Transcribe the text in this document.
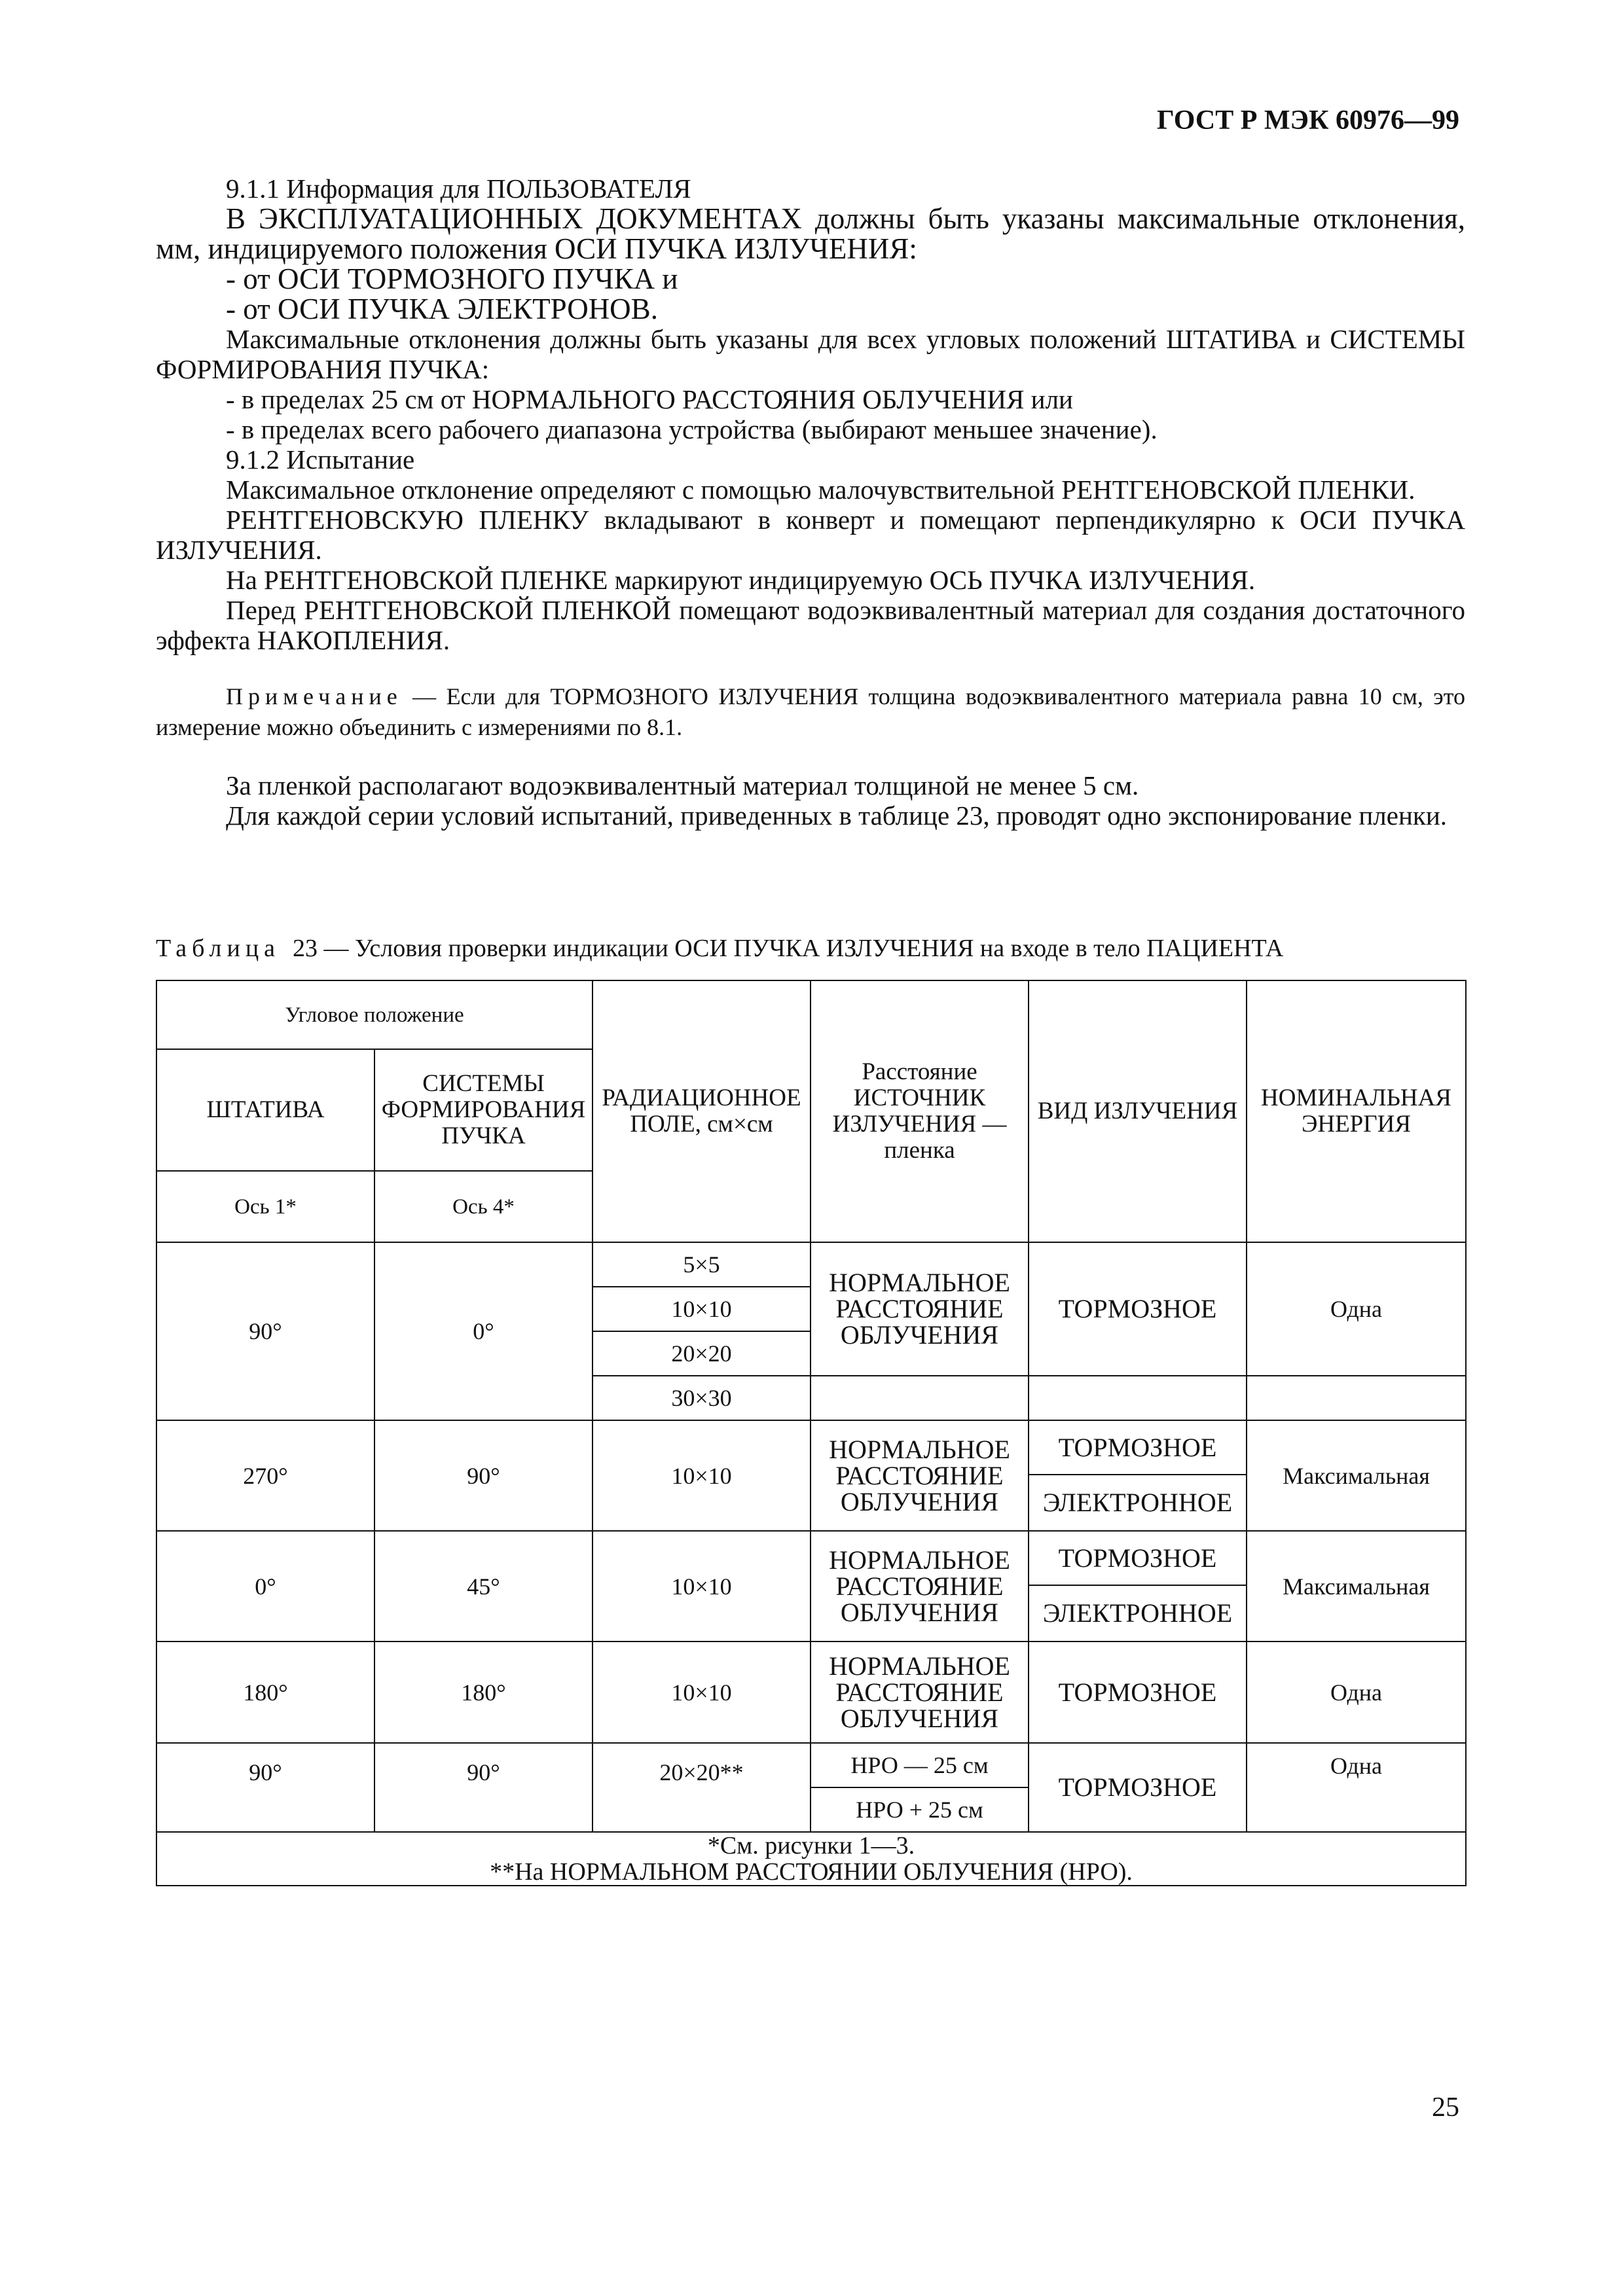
ГОСТ Р МЭК 60976—99

9.1.1 Информация для ПОЛЬЗОВАТЕЛЯ

В ЭКСПЛУАТАЦИОННЫХ ДОКУМЕНТАХ должны быть указаны максимальные отклонения, мм, индицируемого положения ОСИ ПУЧКА ИЗЛУЧЕНИЯ:

- от ОСИ ТОРМОЗНОГО ПУЧКА и

- от ОСИ ПУЧКА ЭЛЕКТРОНОВ.

Максимальные отклонения должны быть указаны для всех угловых положений ШТАТИВА и СИСТЕМЫ ФОРМИРОВАНИЯ ПУЧКА:

- в пределах 25 см от НОРМАЛЬНОГО РАССТОЯНИЯ ОБЛУЧЕНИЯ или

- в пределах всего рабочего диапазона устройства (выбирают меньшее значение).

9.1.2 Испытание

Максимальное отклонение определяют с помощью малочувствительной РЕНТГЕНОВСКОЙ ПЛЕНКИ.

РЕНТГЕНОВСКУЮ ПЛЕНКУ вкладывают в конверт и помещают перпендикулярно к ОСИ ПУЧКА ИЗЛУЧЕНИЯ.

На РЕНТГЕНОВСКОЙ ПЛЕНКЕ маркируют индицируемую ОСЬ ПУЧКА ИЗЛУЧЕНИЯ.

Перед РЕНТГЕНОВСКОЙ ПЛЕНКОЙ помещают водоэквивалентный материал для создания достаточного эффекта НАКОПЛЕНИЯ.

Примечание — Если для ТОРМОЗНОГО ИЗЛУЧЕНИЯ толщина водоэквивалентного материала равна 10 см, это измерение можно объединить с измерениями по 8.1.

За пленкой располагают водоэквивалентный материал толщиной не менее 5 см.

Для каждой серии условий испытаний, приведенных в таблице 23, проводят одно экспонирование пленки.

Таблица 23 — Условия проверки индикации ОСИ ПУЧКА ИЗЛУЧЕНИЯ на входе в тело ПАЦИЕНТА
Угловое положение		РАДИАЦИОННОЕ ПОЛЕ, см×см	Расстояние ИСТОЧНИК ИЗЛУЧЕНИЯ — пленка	ВИД ИЗЛУЧЕНИЯ	НОМИНАЛЬНАЯ ЭНЕРГИЯ
ШТАТИВА	СИСТЕМЫ ФОРМИРОВАНИЯ ПУЧКА				
Ось 1*	Ось 4*				
90°	0°	5×5	НОРМАЛЬНОЕ РАССТОЯНИЕ ОБЛУЧЕНИЯ	ТОРМОЗНОЕ	Одна
		10×10			
		20×20			
		30×30			
270°	90°	10×10	НОРМАЛЬНОЕ РАССТОЯНИЕ ОБЛУЧЕНИЯ	ТОРМОЗНОЕ	Максимальная
				ЭЛЕКТРОННОЕ	
0°	45°	10×10	НОРМАЛЬНОЕ РАССТОЯНИЕ ОБЛУЧЕНИЯ	ТОРМОЗНОЕ	Максимальная
				ЭЛЕКТРОННОЕ	
180°	180°	10×10	НОРМАЛЬНОЕ РАССТОЯНИЕ ОБЛУЧЕНИЯ	ТОРМОЗНОЕ	Одна
90°	90°	20×20**	НРО — 25 см	ТОРМОЗНОЕ	Одна
			НРО + 25 см		

*См. рисунки 1—3.
**На НОРМАЛЬНОМ РАССТОЯНИИ ОБЛУЧЕНИЯ (НРО).					
25
